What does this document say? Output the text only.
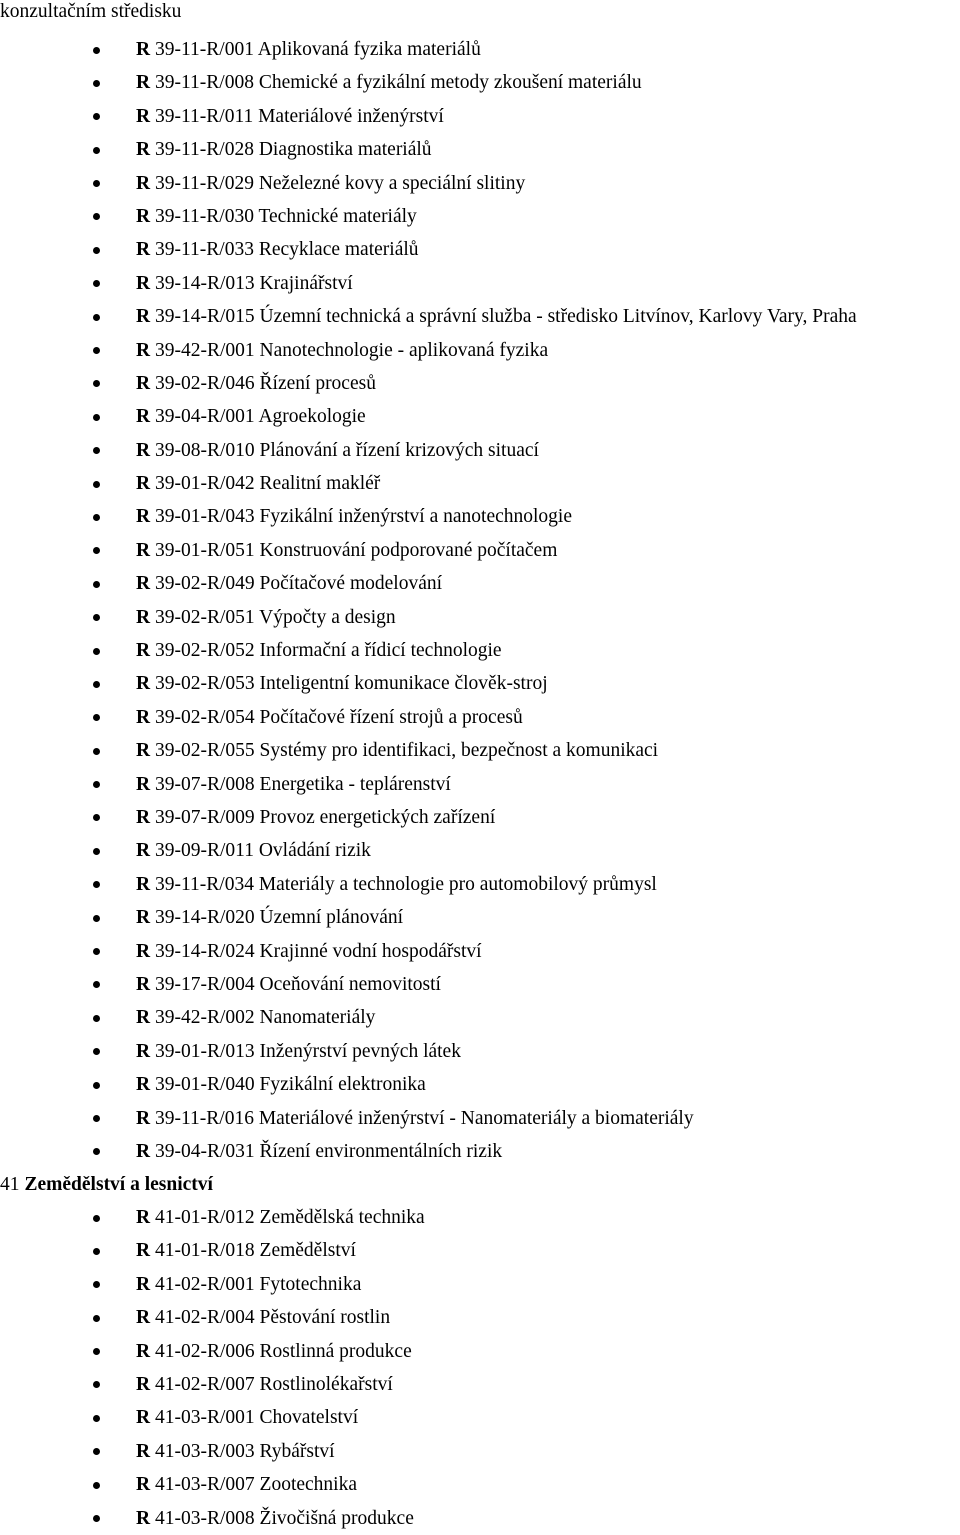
konzultačním středisku
R 39-11-R/001 Aplikovaná fyzika materiálů
R 39-11-R/008 Chemické a fyzikální metody zkoušení materiálu
R 39-11-R/011 Materiálové inženýrství
R 39-11-R/028 Diagnostika materiálů
R 39-11-R/029 Neželezné kovy a speciální slitiny
R 39-11-R/030 Technické materiály
R 39-11-R/033 Recyklace materiálů
R 39-14-R/013 Krajinářství
R 39-14-R/015 Územní technická a správní služba - středisko Litvínov, Karlovy Vary, Praha
R 39-42-R/001 Nanotechnologie - aplikovaná fyzika
R 39-02-R/046 Řízení procesů
R 39-04-R/001 Agroekologie
R 39-08-R/010 Plánování a řízení krizových situací
R 39-01-R/042 Realitní makléř
R 39-01-R/043 Fyzikální inženýrství a nanotechnologie
R 39-01-R/051 Konstruování podporované počítačem
R 39-02-R/049 Počítačové modelování
R 39-02-R/051 Výpočty a design
R 39-02-R/052 Informační a řídicí technologie
R 39-02-R/053 Inteligentní komunikace člověk-stroj
R 39-02-R/054 Počítačové řízení strojů a procesů
R 39-02-R/055 Systémy pro identifikaci, bezpečnost a komunikaci
R 39-07-R/008 Energetika - teplárenství
R 39-07-R/009 Provoz energetických zařízení
R 39-09-R/011 Ovládání rizik
R 39-11-R/034 Materiály a technologie pro automobilový průmysl
R 39-14-R/020 Územní plánování
R 39-14-R/024 Krajinné vodní hospodářství
R 39-17-R/004 Oceňování nemovitostí
R 39-42-R/002 Nanomateriály
R 39-01-R/013 Inženýrství pevných látek
R 39-01-R/040 Fyzikální elektronika
R 39-11-R/016 Materiálové inženýrství - Nanomateriály a biomateriály
R 39-04-R/031 Řízení environmentálních rizik
41 Zemědělství a lesnictví
R 41-01-R/012 Zemědělská technika
R 41-01-R/018 Zemědělství
R 41-02-R/001 Fytotechnika
R 41-02-R/004 Pěstování rostlin
R 41-02-R/006 Rostlinná produkce
R 41-02-R/007 Rostlinolékařství
R 41-03-R/001 Chovatelství
R 41-03-R/003 Rybářství
R 41-03-R/007 Zootechnika
R 41-03-R/008 Živočišná produkce
